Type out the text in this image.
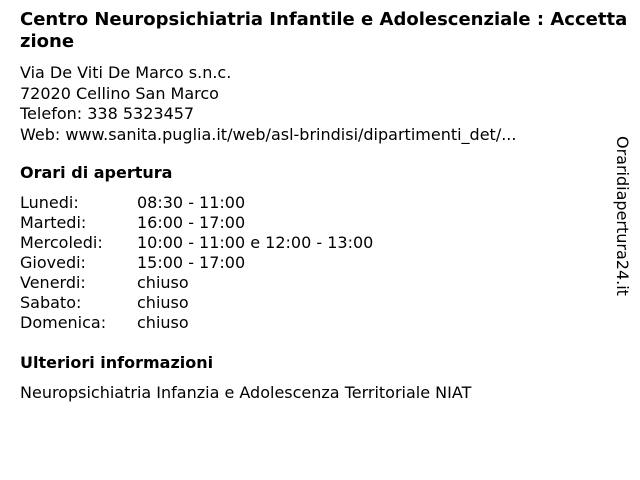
Centro Neuropsichiatria Infantile e Adolescenziale : Accettazione
Via De Viti De Marco s.n.c.
72020 Cellino San Marco
Telefon: 338 5323457
Web: www.sanita.puglia.it/web/asl-brindisi/dipartimenti_det/...
Orari di apertura
Lunedi:	08:30 - 11:00
Martedi:	16:00 - 17:00
Mercoledi: 10:00 - 11:00 e 12:00 - 13:00
Giovedi:	15:00 - 17:00
Venerdi:	chiuso
Sabato:	chiuso
Domenica: chiuso
Ulteriori informazioni
Neuropsichiatria Infanzia e Adolescenza Territoriale NIAT
Oraridiapertura24.it
